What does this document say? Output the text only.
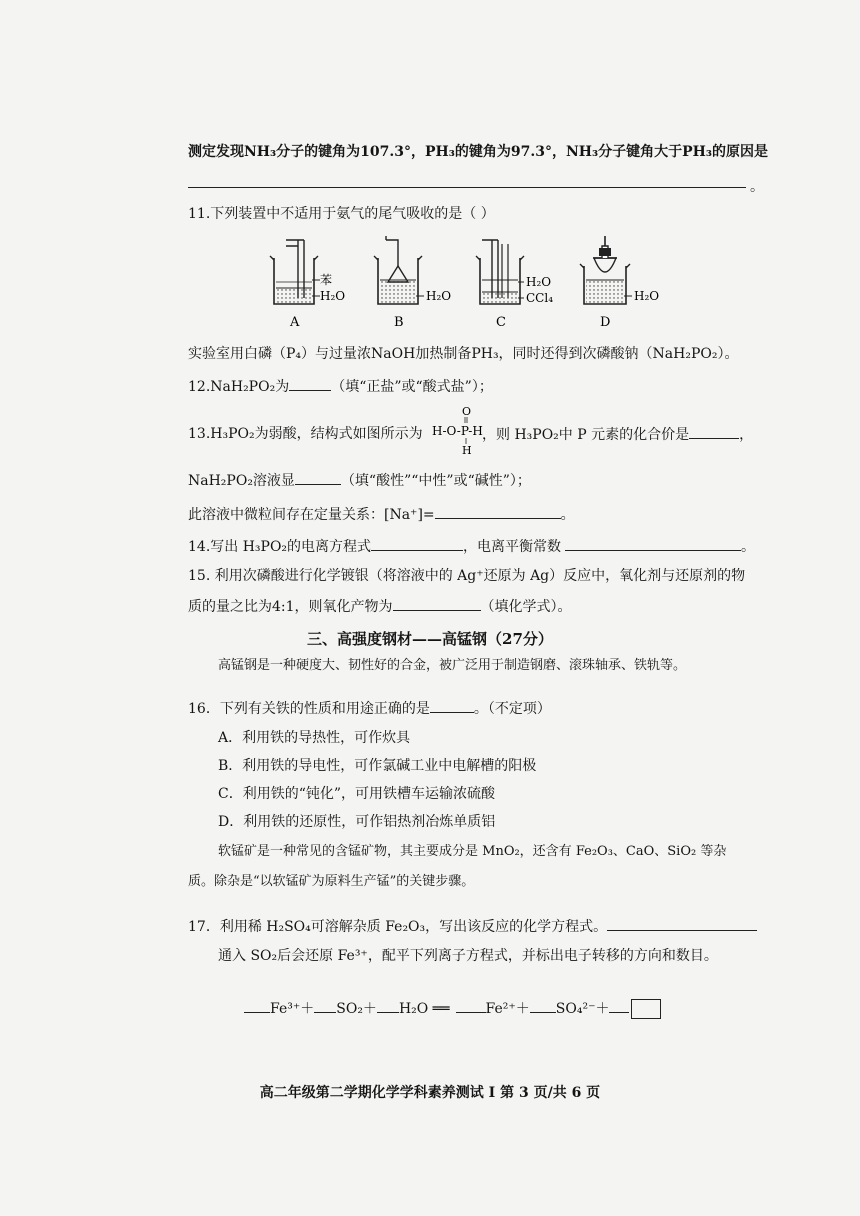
测定发现NH₃分子的键角为107.3°，PH₃的键角为97.3°，NH₃分子键角大于PH₃的原因是
。
11.下列装置中不适用于氨气的尾气吸收的是（ ）
苯
H₂O
A
H₂O
B
H₂O
CCl₄
C
H₂O
D
实验室用白磷（P₄）与过量浓NaOH加热制备PH₃，同时还得到次磷酸钠（NaH₂PO₂）。
12.NaH₂PO₂为	（填“正盐”或“酸式盐”）；
13.H₃PO₂为弱酸，结构式如图所示为
O
H-O-P-H
H
，则 H₃PO₂中 P 元素的化合价是	，
NaH₂PO₂溶液显	（填“酸性”“中性”或“碱性”）；
此溶液中微粒间存在定量关系：[Na⁺]=	。
14.写出 H₃PO₂的电离方程式	，电离平衡常数	。
15. 利用次磷酸进行化学镀银（将溶液中的 Ag⁺还原为 Ag）反应中，氧化剂与还原剂的物
质的量之比为4:1，则氧化产物为	（填化学式）。
三、高强度钢材——高锰钢（27分）
高锰钢是一种硬度大、韧性好的合金，被广泛用于制造钢磨、滚珠轴承、铁轨等。
16．下列有关铁的性质和用途正确的是	。（不定项）
A．利用铁的导热性，可作炊具
B．利用铁的导电性，可作氯碱工业中电解槽的阳极
C．利用铁的“钝化”，可用铁槽车运输浓硫酸
D．利用铁的还原性，可作铝热剂冶炼单质铝
软锰矿是一种常见的含锰矿物，其主要成分是 MnO₂，还含有 Fe₂O₃、CaO、SiO₂ 等杂
质。除杂是“以软锰矿为原料生产锰”的关键步骤。
17．利用稀 H₂SO₄可溶解杂质 Fe₂O₃，写出该反应的化学方程式。
通入 SO₂后会还原 Fe³⁺，配平下列离子方程式，并标出电子转移的方向和数目。
Fe³⁺＋ SO₂＋ H₂O ══	Fe²⁺＋ SO₄²⁻＋
高二年级第二学期化学学科素养测试 I 第 3 页/共 6 页
